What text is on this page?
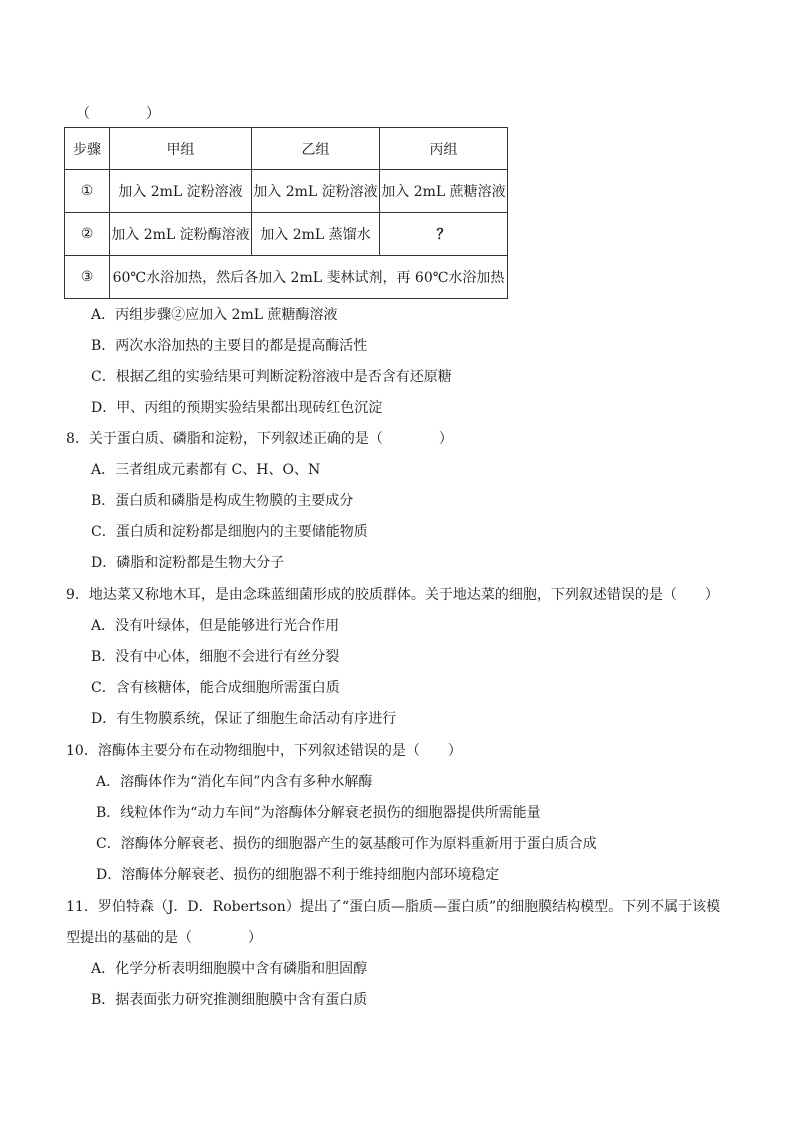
（　　　　）
步骤	甲组	乙组	丙组
①	加入 2mL 淀粉溶液	加入 2mL 淀粉溶液	加入 2mL 蔗糖溶液
②	加入 2mL 淀粉酶溶液	加入 2mL 蒸馏水	？
③	60℃水浴加热，然后各加入 2mL 斐林试剂，再 60℃水浴加热		
A．丙组步骤②应加入 2mL 蔗糖酶溶液
B．两次水浴加热的主要目的都是提高酶活性
C．根据乙组的实验结果可判断淀粉溶液中是否含有还原糖
D．甲、丙组的预期实验结果都出现砖红色沉淀
8．关于蛋白质、磷脂和淀粉，下列叙述正确的是（　　　　）
A．三者组成元素都有 C、H、O、N
B．蛋白质和磷脂是构成生物膜的主要成分
C．蛋白质和淀粉都是细胞内的主要储能物质
D．磷脂和淀粉都是生物大分子
9．地达菜又称地木耳，是由念珠蓝细菌形成的胶质群体。关于地达菜的细胞，下列叙述错误的是（　　）
A．没有叶绿体，但是能够进行光合作用
B．没有中心体，细胞不会进行有丝分裂
C．含有核糖体，能合成细胞所需蛋白质
D．有生物膜系统，保证了细胞生命活动有序进行
10．溶酶体主要分布在动物细胞中，下列叙述错误的是（　　）
A．溶酶体作为“消化车间”内含有多种水解酶
B．线粒体作为“动力车间”为溶酶体分解衰老损伤的细胞器提供所需能量
C．溶酶体分解衰老、损伤的细胞器产生的氨基酸可作为原料重新用于蛋白质合成
D．溶酶体分解衰老、损伤的细胞器不利于维持细胞内部环境稳定
11．罗伯特森（J．D．Robertson）提出了“蛋白质—脂质—蛋白质”的细胞膜结构模型。下列不属于该模
型提出的基础的是（　　　　）
A．化学分析表明细胞膜中含有磷脂和胆固醇
B．据表面张力研究推测细胞膜中含有蛋白质
